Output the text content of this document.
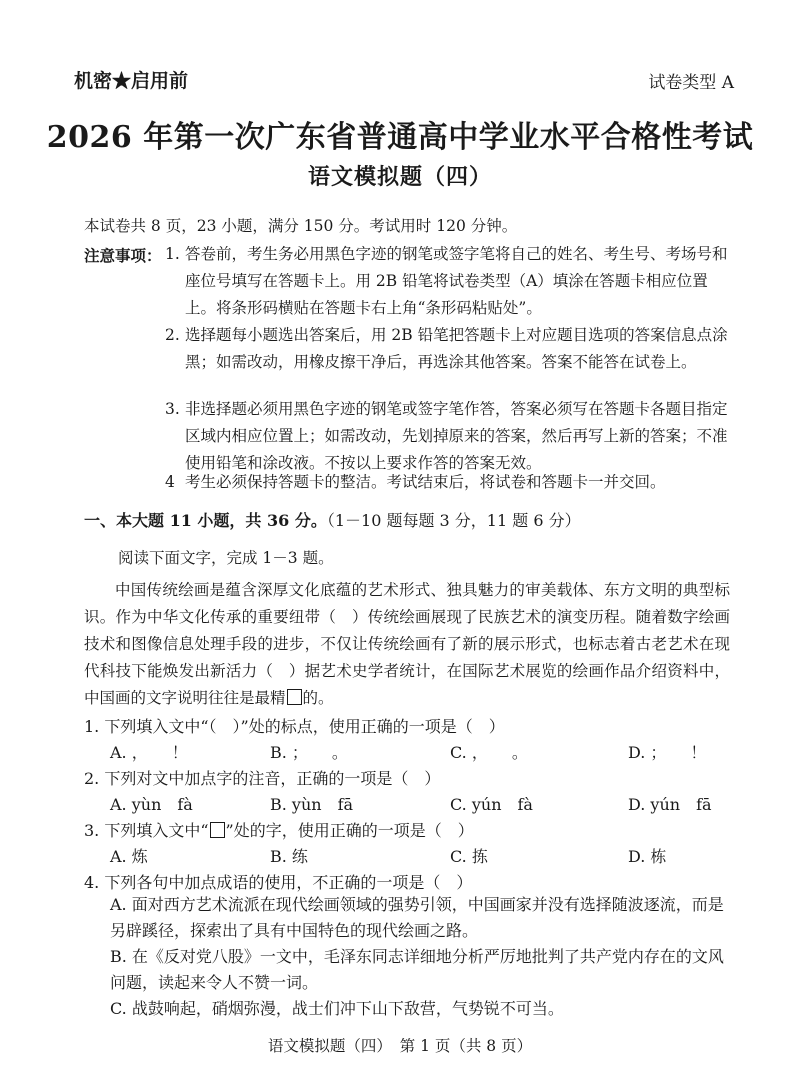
机密★启用前	试卷类型 A
2026 年第一次广东省普通高中学业水平合格性考试
语文模拟题（四）
本试卷共 8 页，23 小题，满分 150 分。考试用时 120 分钟。
注意事项： 1. 答卷前，考生务必用黑色字迹的钢笔或签字笔将自己的姓名、考生号、考场号和座位号填写在答题卡上。用 2B 铅笔将试卷类型（A）填涂在答题卡相应位置上。将条形码横贴在答题卡右上角“条形码粘贴处”。
2. 选择题每小题选出答案后，用 2B 铅笔把答题卡上对应题目选项的答案信息点涂黑；如需改动，用橡皮擦干净后，再选涂其他答案。答案不能答在试卷上。
3. 非选择题必须用黑色字迹的钢笔或签字笔作答，答案必须写在答题卡各题目指定区域内相应位置上；如需改动，先划掉原来的答案，然后再写上新的答案；不准使用铅笔和涂改液。不按以上要求作答的答案无效。
4 考生必须保持答题卡的整洁。考试结束后，将试卷和答题卡一并交回。
一、本大题 11 小题，共 36 分。（1－10 题每题 3 分，11 题 6 分）
阅读下面文字，完成 1－3 题。
中国传统绘画是蕴含深厚文化底蕴的艺术形式、独具魅力的审美载体、东方文明的典型标识。作为中华文化传承的重要纽带（　）传统绘画展现了民族艺术的演变历程。随着数字绘画技术和图像信息处理手段的进步，不仅让传统绘画有了新的展示形式，也标志着古老艺术在现代科技下能焕发出新活力（　）据艺术史学者统计，在国际艺术展览的绘画作品介绍资料中，中国画的文字说明往往是最精 的。
1. 下列填入文中“（　）”处的标点，使用正确的一项是（　）
A. ，　　！	B. ；　　。	C. ，　　。	D. ；　　！
2. 下列对文中加点字的注音，正确的一项是（　）
A. yùn　fà	B. yùn　fā	C. yún　fà	D. yún　fā
3. 下列填入文中“ ”处的字，使用正确的一项是（　）
A. 炼	B. 练	C. 拣	D. 栋
4. 下列各句中加点成语的使用，不正确的一项是（　）
A. 面对西方艺术流派在现代绘画领域的强势引领，中国画家并没有选择随波逐流，而是另辟蹊径，探索出了具有中国特色的现代绘画之路。
B. 在《反对党八股》一文中，毛泽东同志详细地分析严厉地批判了共产党内存在的文风问题，读起来令人不赞一词。
C. 战鼓响起，硝烟弥漫，战士们冲下山下敌营，气势锐不可当。
语文模拟题（四）　第 1 页（共 8 页）
